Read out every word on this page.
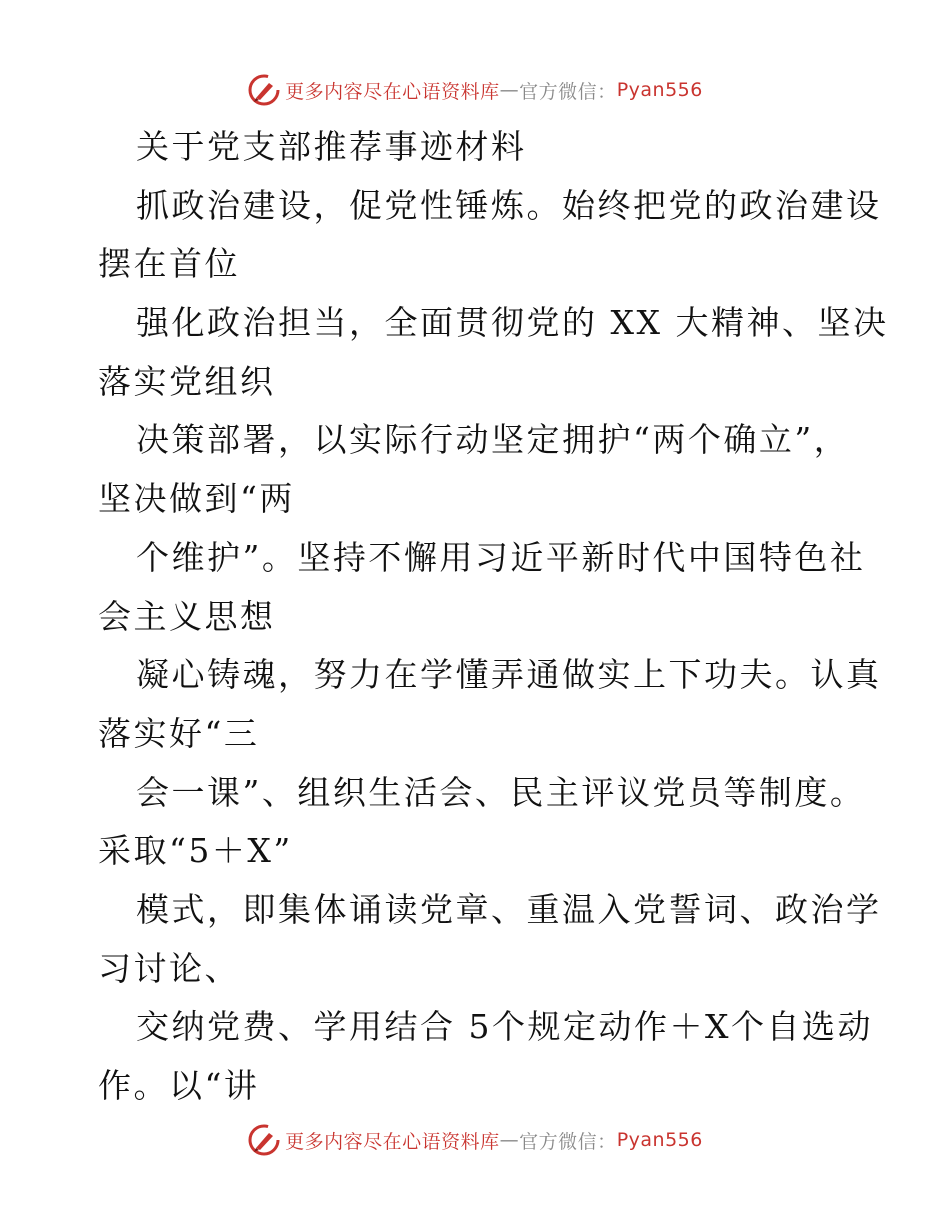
更多内容尽在心语资料库 — 官方微信： Pyan556
关于党支部推荐事迹材料
抓政治建设，促党性锤炼。始终把党的政治建设
摆在首位
强化政治担当，全面贯彻党的 XX 大精神、坚决
落实党组织
决策部署，以实际行动坚定拥护“两个确立”，
坚决做到“两
个维护”。坚持不懈用习近平新时代中国特色社
会主义思想
凝心铸魂，努力在学懂弄通做实上下功夫。认真
落实好“三
会一课”、组织生活会、民主评议党员等制度。
采取“5＋X”
模式，即集体诵读党章、重温入党誓词、政治学
习讨论、
交纳党费、学用结合 5个规定动作＋X个自选动
作。以“讲
更多内容尽在心语资料库 — 官方微信： Pyan556
